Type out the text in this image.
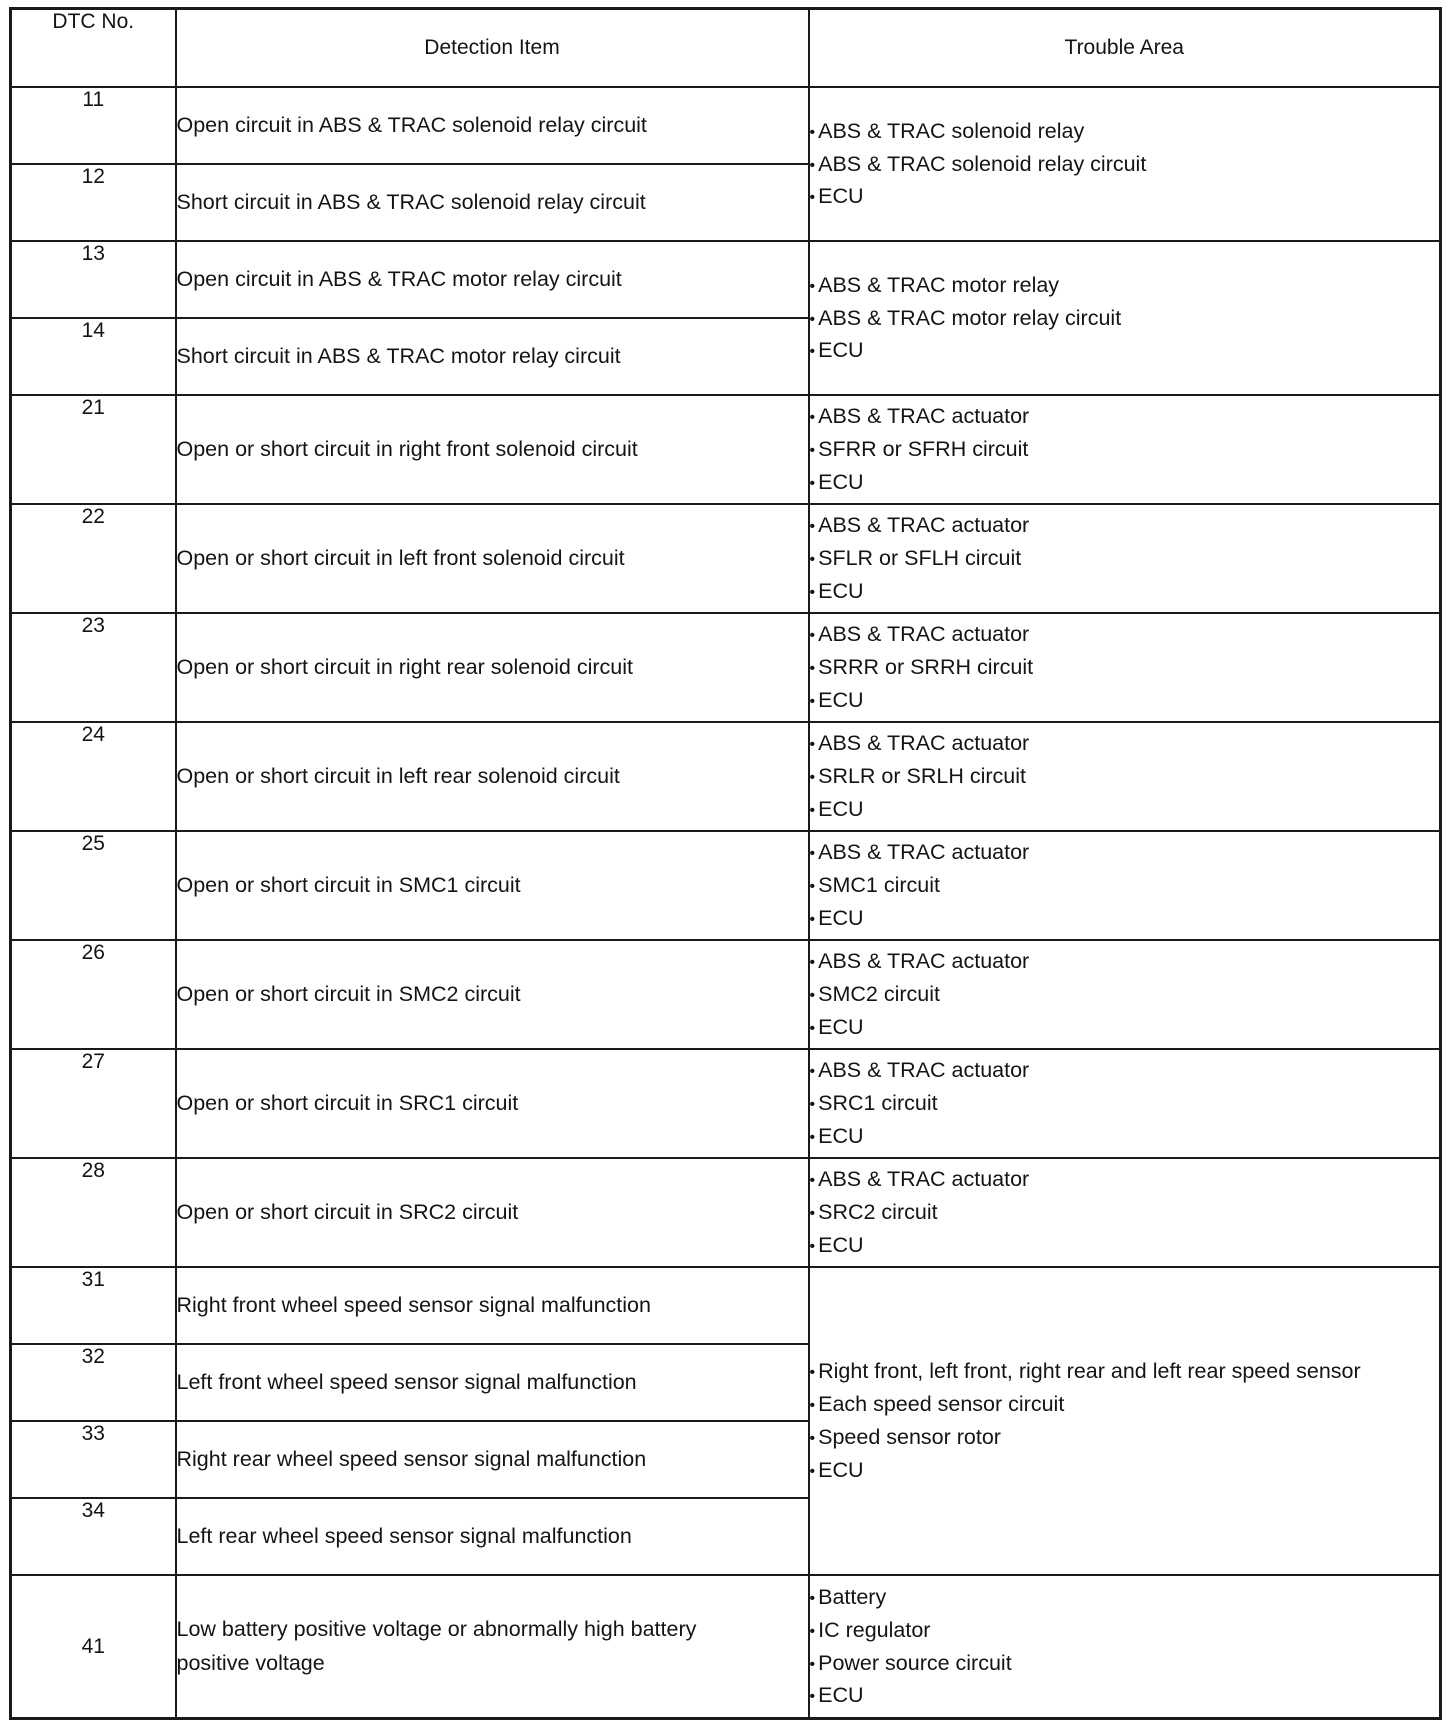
DTC No.	Detection Item	Trouble Area
11	Open circuit in ABS & TRAC solenoid relay circuit	• ABS & TRAC solenoid relay
• ABS & TRAC solenoid relay circuit
• ECU

12	Short circuit in ABS & TRAC solenoid relay circuit	
13	Open circuit in ABS & TRAC motor relay circuit	• ABS & TRAC motor relay
• ABS & TRAC motor relay circuit
• ECU

14	Short circuit in ABS & TRAC motor relay circuit	
21	Open or short circuit in right front solenoid circuit	• ABS & TRAC actuator
• SFRR or SFRH circuit
• ECU

22	Open or short circuit in left front solenoid circuit	• ABS & TRAC actuator
• SFLR or SFLH circuit
• ECU

23	Open or short circuit in right rear solenoid circuit	• ABS & TRAC actuator
• SRRR or SRRH circuit
• ECU

24	Open or short circuit in left rear solenoid circuit	• ABS & TRAC actuator
• SRLR or SRLH circuit
• ECU

25	Open or short circuit in SMC1 circuit	• ABS & TRAC actuator
• SMC1 circuit
• ECU

26	Open or short circuit in SMC2 circuit	• ABS & TRAC actuator
• SMC2 circuit
• ECU

27	Open or short circuit in SRC1 circuit	• ABS & TRAC actuator
• SRC1 circuit
• ECU

28	Open or short circuit in SRC2 circuit	• ABS & TRAC actuator
• SRC2 circuit
• ECU

31	Right front wheel speed sensor signal malfunction	• Right front, left front, right rear and left rear speed sensor
• Each speed sensor circuit
• Speed sensor rotor
• ECU

32	Left front wheel speed sensor signal malfunction	
33	Right rear wheel speed sensor signal malfunction	
34	Left rear wheel speed sensor signal malfunction	
41	Low battery positive voltage or abnormally high battery positive voltage	• Battery
• IC regulator
• Power source circuit
• ECU
